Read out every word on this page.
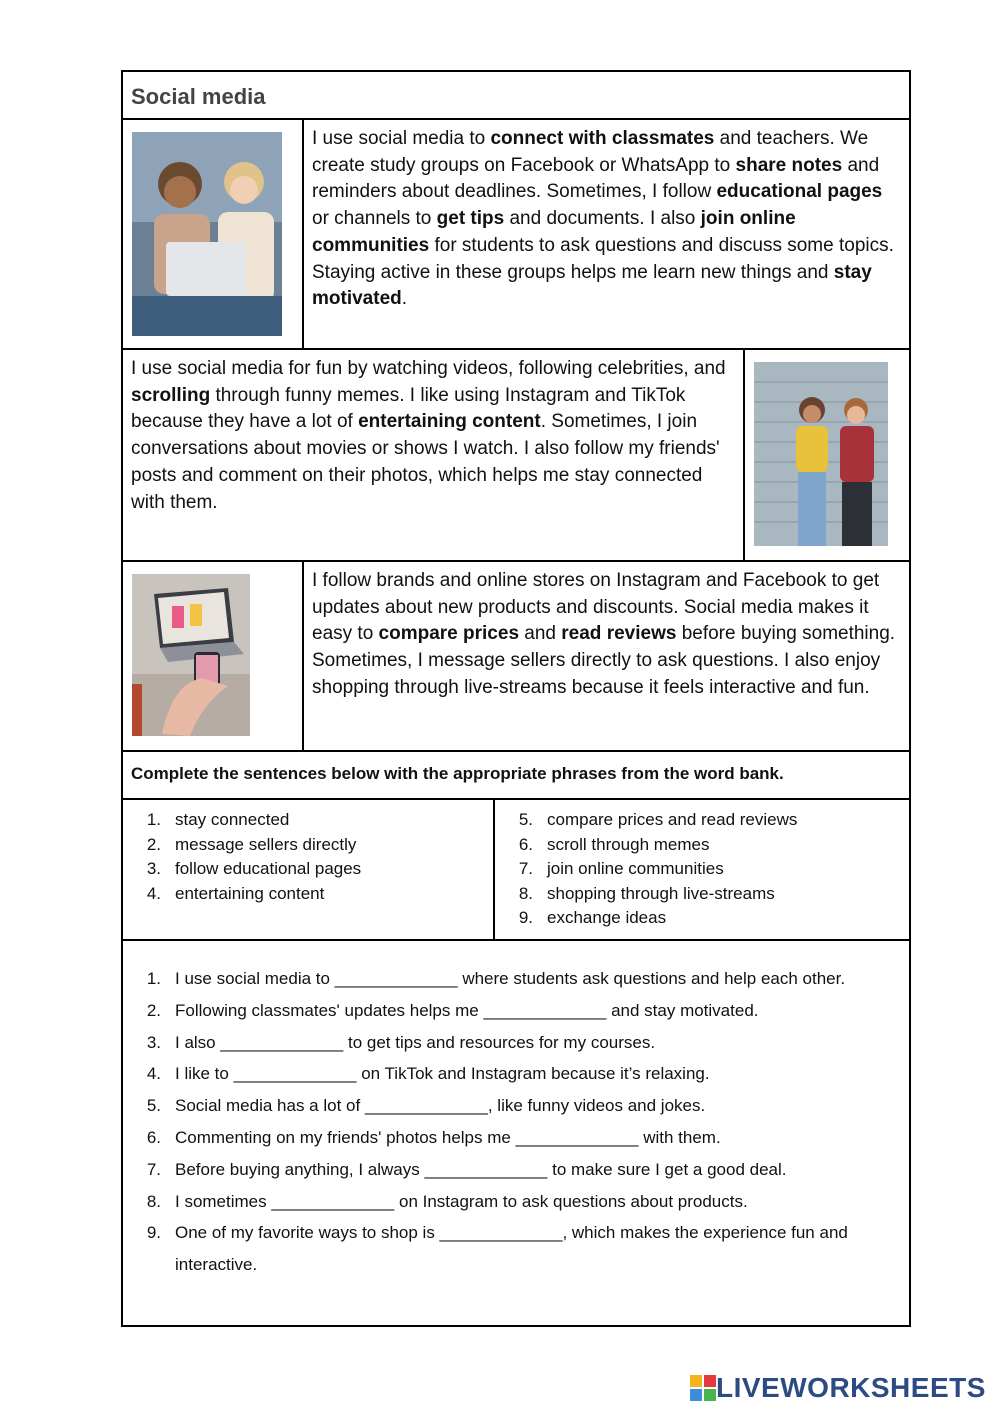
Social media
I use social media to connect with classmates and teachers. We create study groups on Facebook or WhatsApp to share notes and reminders about deadlines. Sometimes, I follow educational pages or channels to get tips and documents. I also join online communities for students to ask questions and discuss some topics. Staying active in these groups helps me learn new things and stay motivated.
I use social media for fun by watching videos, following celebrities, and scrolling through funny memes. I like using Instagram and TikTok because they have a lot of entertaining content. Sometimes, I join conversations about movies or shows I watch. I also follow my friends' posts and comment on their photos, which helps me stay connected with them.
I follow brands and online stores on Instagram and Facebook to get updates about new products and discounts. Social media makes it easy to compare prices and read reviews before buying something. Sometimes, I message sellers directly to ask questions. I also enjoy shopping through live-streams because it feels interactive and fun.
Complete the sentences below with the appropriate phrases from the word bank.
1. stay connected
2. message sellers directly
3. follow educational pages
4. entertaining content
5. compare prices and read reviews
6. scroll through memes
7. join online communities
8. shopping through live-streams
9. exchange ideas
1. I use social media to _____________ where students ask questions and help each other.
2. Following classmates' updates helps me _____________ and stay motivated.
3. I also _____________ to get tips and resources for my courses.
4. I like to _____________ on TikTok and Instagram because it’s relaxing.
5. Social media has a lot of _____________, like funny videos and jokes.
6. Commenting on my friends' photos helps me _____________ with them.
7. Before buying anything, I always _____________ to make sure I get a good deal.
8. I sometimes _____________ on Instagram to ask questions about products.
9. One of my favorite ways to shop is _____________, which makes the experience fun and interactive.
LIVEWORKSHEETS
